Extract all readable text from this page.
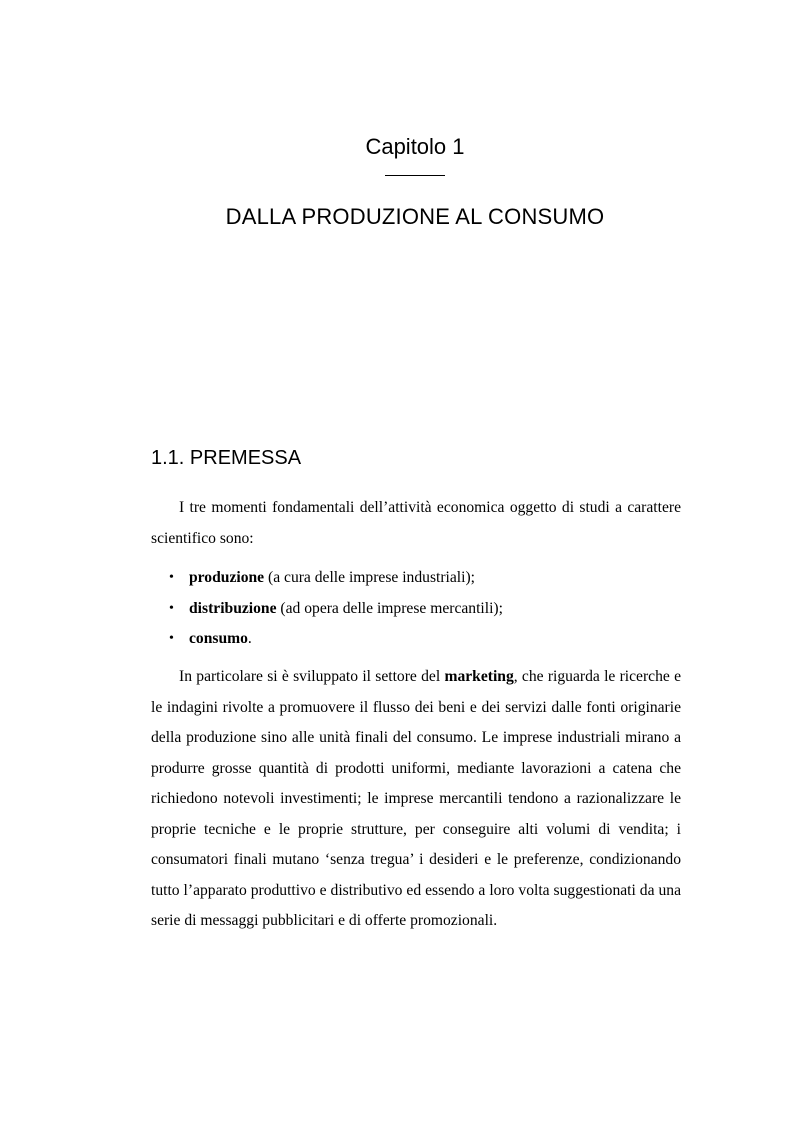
Capitolo 1
DALLA PRODUZIONE AL CONSUMO
1.1. PREMESSA

I tre momenti fondamentali dell’attività economica oggetto di studi a carattere scientifico sono:

• produzione (a cura delle imprese industriali);
• distribuzione (ad opera delle imprese mercantili);
• consumo.

In particolare si è sviluppato il settore del marketing, che riguarda le ricerche e le indagini rivolte a promuovere il flusso dei beni e dei servizi dalle fonti originarie della produzione sino alle unità finali del consumo. Le imprese industriali mirano a produrre grosse quantità di prodotti uniformi, mediante lavorazioni a catena che richiedono notevoli investimenti; le imprese mercantili tendono a razionalizzare le proprie tecniche e le proprie strutture, per conseguire alti volumi di vendita; i consumatori finali mutano ‘senza tregua’ i desideri e le preferenze, condizionando tutto l’apparato produttivo e distributivo ed essendo a loro volta suggestionati da una serie di messaggi pubblicitari e di offerte promozionali.
